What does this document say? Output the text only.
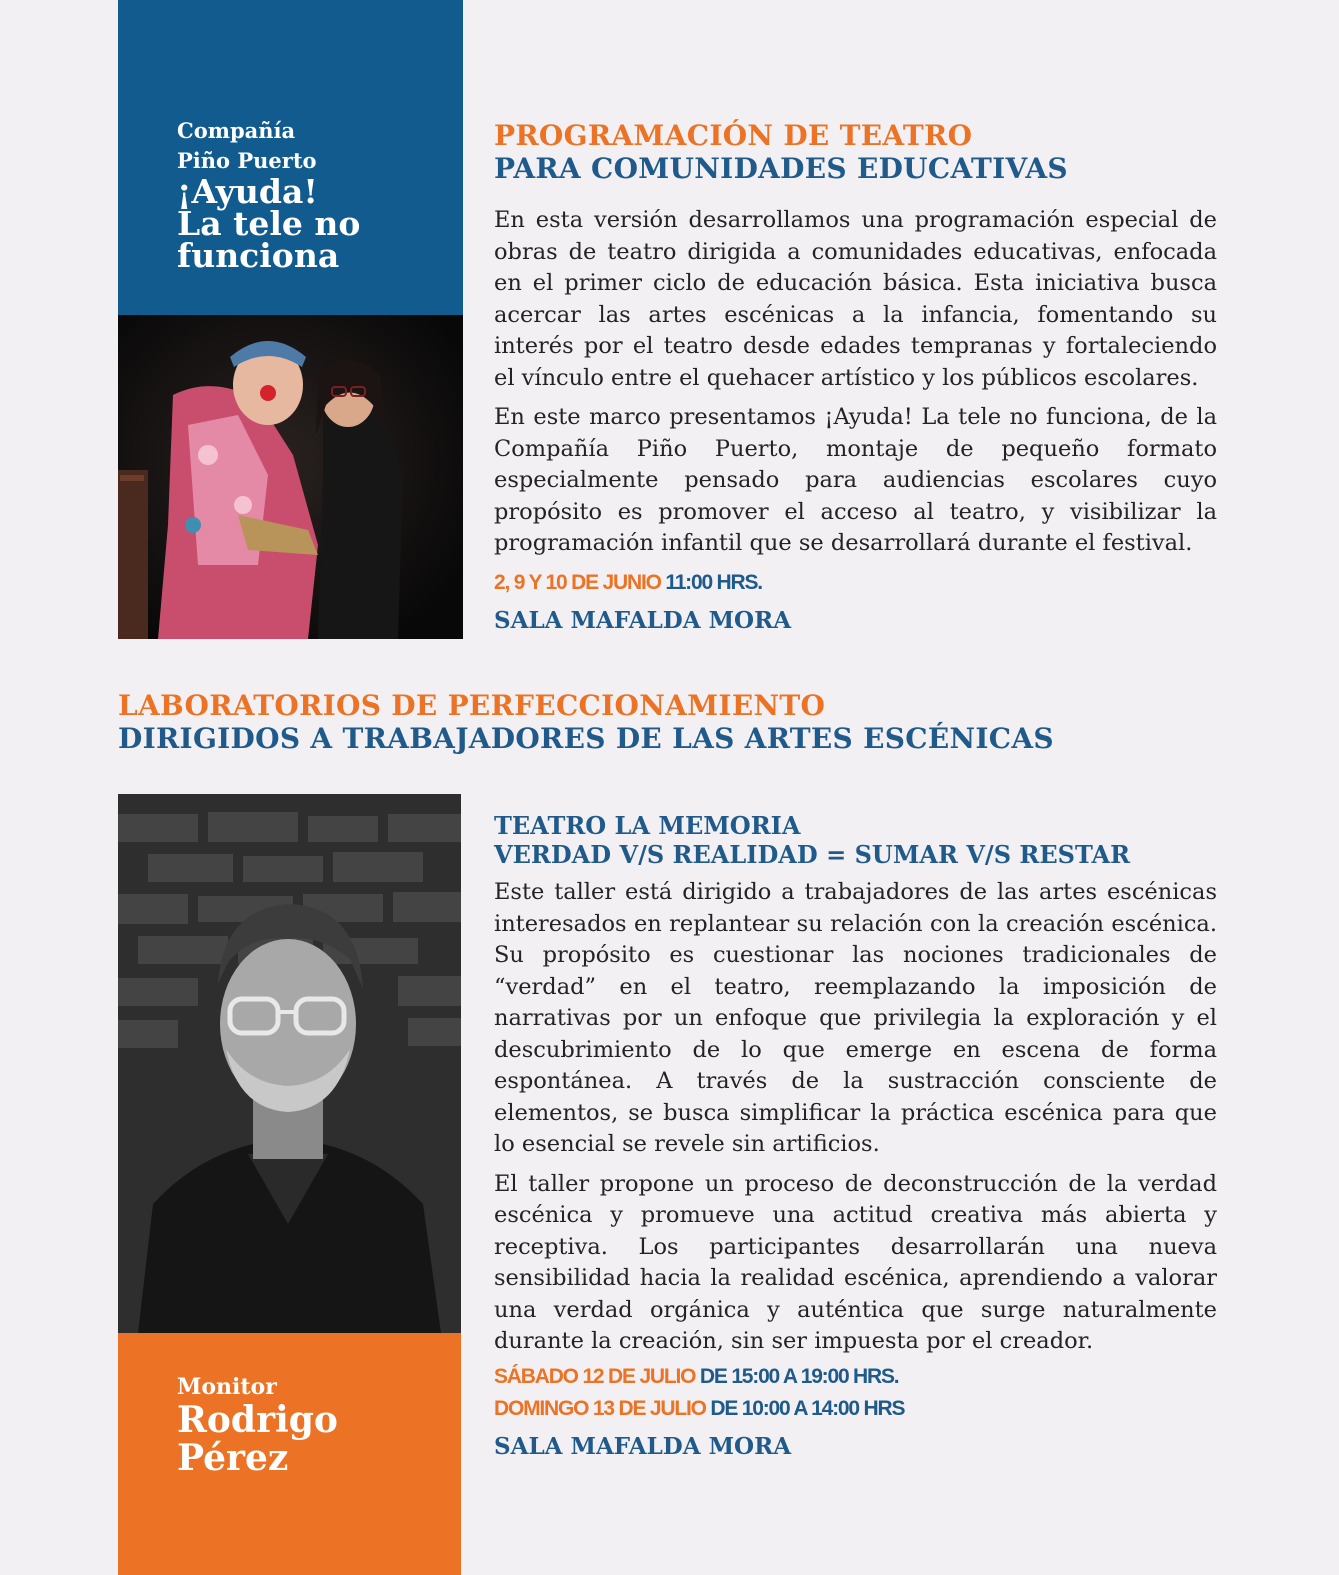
Compañía
Piño Puerto
¡Ayuda!
La tele no
funciona
PROGRAMACIÓN DE TEATRO
PARA COMUNIDADES EDUCATIVAS

En esta versión desarrollamos una programación especial de obras de teatro dirigida a comunidades educativas, enfocada en el primer ciclo de educación básica. Esta iniciativa busca acercar las artes escénicas a la infancia, fomentando su interés por el teatro desde edades tempranas y fortaleciendo el vínculo entre el quehacer artístico y los públicos escolares.

En este marco presentamos ¡Ayuda! La tele no funciona, de la Compañía Piño Puerto, montaje de pequeño formato especialmente pensado para audiencias escolares cuyo propósito es promover el acceso al teatro, y visibilizar la programación infantil que se desarrollará durante el festival.

2, 9 Y 10 DE JUNIO 11:00 HRS.
SALA MAFALDA MORA
LABORATORIOS DE PERFECCIONAMIENTO
DIRIGIDOS A TRABAJADORES DE LAS ARTES ESCÉNICAS
TEATRO LA MEMORIA
VERDAD V/S REALIDAD = SUMAR V/S RESTAR

Este taller está dirigido a trabajadores de las artes escénicas interesados en replantear su relación con la creación escénica. Su propósito es cuestionar las nociones tradicionales de “verdad” en el teatro, reemplazando la imposición de narrativas por un enfoque que privilegia la exploración y el descubrimiento de lo que emerge en escena de forma espontánea. A través de la sustracción consciente de elementos, se busca simplificar la práctica escénica para que lo esencial se revele sin artificios.

El taller propone un proceso de deconstrucción de la verdad escénica y promueve una actitud creativa más abierta y receptiva. Los participantes desarrollarán una nueva sensibilidad hacia la realidad escénica, aprendiendo a valorar una verdad orgánica y auténtica que surge naturalmente durante la creación, sin ser impuesta por el creador.

SÁBADO 12 DE JULIO DE 15:00 A 19:00 HRS.
DOMINGO 13 DE JULIO DE 10:00 A 14:00 HRS
SALA MAFALDA MORA
Monitor
Rodrigo
Pérez
